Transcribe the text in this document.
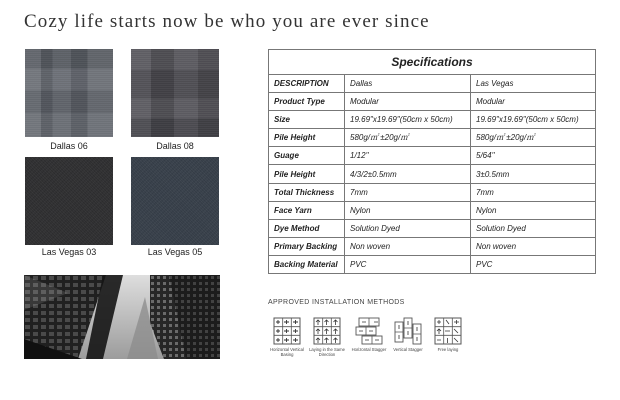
Cozy life starts now be who you are ever since
Dallas 06	Dallas 08
Las Vegas 03	Las Vegas 05
Specifications		
DESCRIPTION	Dallas	Las Vegas
Product Type	Modular	Modular
Size	19.69"x19.69"(50cm x 50cm)	19.69"x19.69"(50cm x 50cm)
Pile Height	580g/㎡ ±20g/㎡	580g/㎡ ±20g/㎡
Guage	1/12''	5/64''
Pile Height	4/3/2±0.5mm	3±0.5mm
Total Thickness	7mm	7mm
Face Yarn	Nylon	Nylon
Dye Method	Solution Dyed	Solution Dyed
Primary Backing	Non woven	Non woven
Backing Material	PVC	PVC
APPROVED INSTALLATION METHODS
Horizontal Vertical Basing
Laying in the Same Direction
Horizontal Stagger	Vertical Stagger	Free laying
